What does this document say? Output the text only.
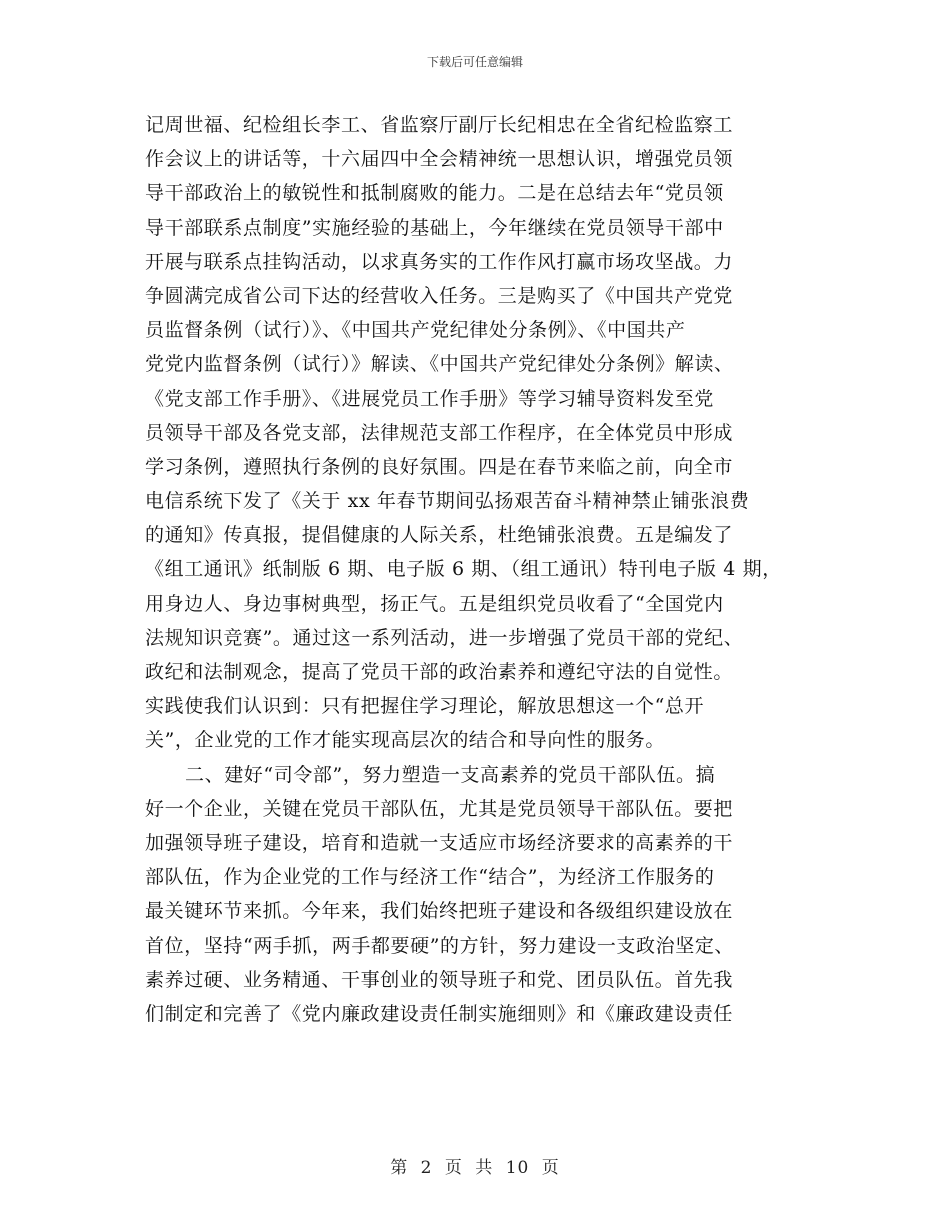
下载后可任意编辑
记周世福、纪检组长李工、省监察厅副厅长纪相忠在全省纪检监察工
作会议上的讲话等，十六届四中全会精神统一思想认识，增强党员领
导干部政治上的敏锐性和抵制腐败的能力。二是在总结去年“党员领
导干部联系点制度”实施经验的基础上，今年继续在党员领导干部中
开展与联系点挂钩活动，以求真务实的工作作风打赢市场攻坚战。力
争圆满完成省公司下达的经营收入任务。三是购买了《中国共产党党
员监督条例（试行）》、《中国共产党纪律处分条例》、《中国共产
党党内监督条例（试行）》解读、《中国共产党纪律处分条例》解读、
《党支部工作手册》、《进展党员工作手册》等学习辅导资料发至党
员领导干部及各党支部，法律规范支部工作程序，在全体党员中形成
学习条例，遵照执行条例的良好氛围。四是在春节来临之前，向全市
电信系统下发了《关于 xx 年春节期间弘扬艰苦奋斗精神禁止铺张浪费
的通知》传真报，提倡健康的人际关系，杜绝铺张浪费。五是编发了
《组工通讯》纸制版 6 期、电子版 6 期、（组工通讯）特刊电子版 4 期，
用身边人、身边事树典型，扬正气。五是组织党员收看了“全国党内
法规知识竞赛”。通过这一系列活动，进一步增强了党员干部的党纪、
政纪和法制观念，提高了党员干部的政治素养和遵纪守法的自觉性。
实践使我们认识到：只有把握住学习理论，解放思想这一个“总开
关”，企业党的工作才能实现高层次的结合和导向性的服务。
二、建好“司令部”，努力塑造一支高素养的党员干部队伍。搞
好一个企业，关键在党员干部队伍，尤其是党员领导干部队伍。要把
加强领导班子建设，培育和造就一支适应市场经济要求的高素养的干
部队伍，作为企业党的工作与经济工作“结合”，为经济工作服务的
最关键环节来抓。今年来，我们始终把班子建设和各级组织建设放在
首位，坚持“两手抓，两手都要硬”的方针，努力建设一支政治坚定、
素养过硬、业务精通、干事创业的领导班子和党、团员队伍。首先我
们制定和完善了《党内廉政建设责任制实施细则》和《廉政建设责任
第 2 页 共 10 页
